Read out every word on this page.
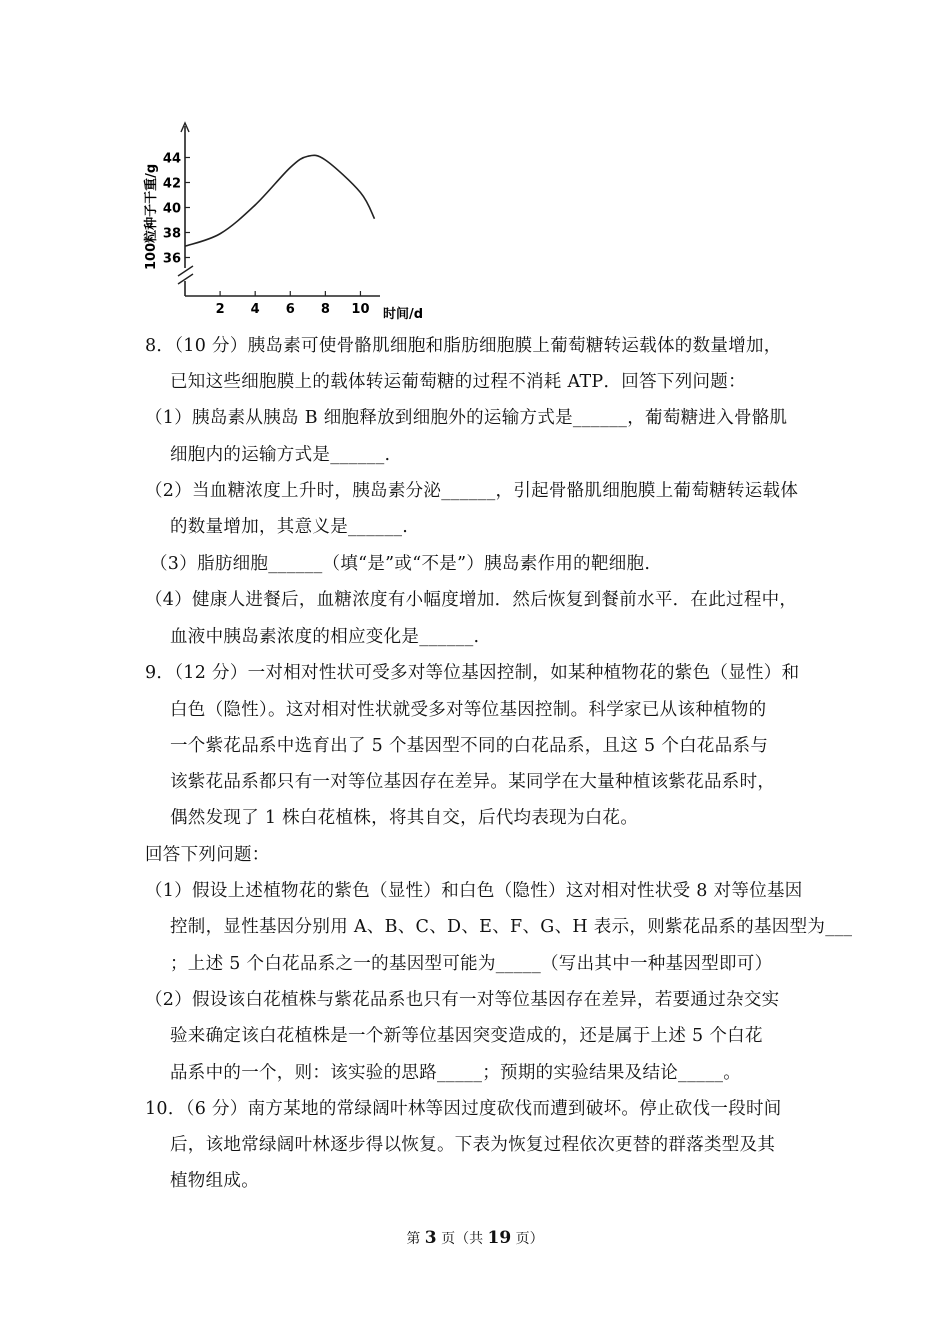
36
38
40
42
44
2 4 6 8 10
100粒种子干重/g
时间/d
8．（10 分）胰岛素可使骨骼肌细胞和脂肪细胞膜上葡萄糖转运载体的数量增加，
已知这些细胞膜上的载体转运葡萄糖的过程不消耗 ATP．回答下列问题：
（1）胰岛素从胰岛 B 细胞释放到细胞外的运输方式是______，葡萄糖进入骨骼肌
细胞内的运输方式是______.
（2）当血糖浓度上升时，胰岛素分泌______，引起骨骼肌细胞膜上葡萄糖转运载体
的数量增加，其意义是______.
（3）脂肪细胞______（填“是”或“不是”）胰岛素作用的靶细胞.
（4）健康人进餐后，血糖浓度有小幅度增加．然后恢复到餐前水平．在此过程中，
血液中胰岛素浓度的相应变化是______.
9．（12 分）一对相对性状可受多对等位基因控制，如某种植物花的紫色（显性）和
白色（隐性）。这对相对性状就受多对等位基因控制。科学家已从该种植物的
一个紫花品系中选育出了 5 个基因型不同的白花品系，且这 5 个白花品系与
该紫花品系都只有一对等位基因存在差异。某同学在大量种植该紫花品系时，
偶然发现了 1 株白花植株，将其自交，后代均表现为白花。
回答下列问题：
（1）假设上述植物花的紫色（显性）和白色（隐性）这对相对性状受 8 对等位基因
控制，显性基因分别用 A、B、C、D、E、F、G、H 表示，则紫花品系的基因型为___
；上述 5 个白花品系之一的基因型可能为_____（写出其中一种基因型即可）
（2）假设该白花植株与紫花品系也只有一对等位基因存在差异，若要通过杂交实
验来确定该白花植株是一个新等位基因突变造成的，还是属于上述 5 个白花
品系中的一个，则：该实验的思路_____；预期的实验结果及结论_____。
10．（6 分）南方某地的常绿阔叶林等因过度砍伐而遭到破坏。停止砍伐一段时间
后，该地常绿阔叶林逐步得以恢复。下表为恢复过程依次更替的群落类型及其
植物组成。
第 3 页（共 19 页）
